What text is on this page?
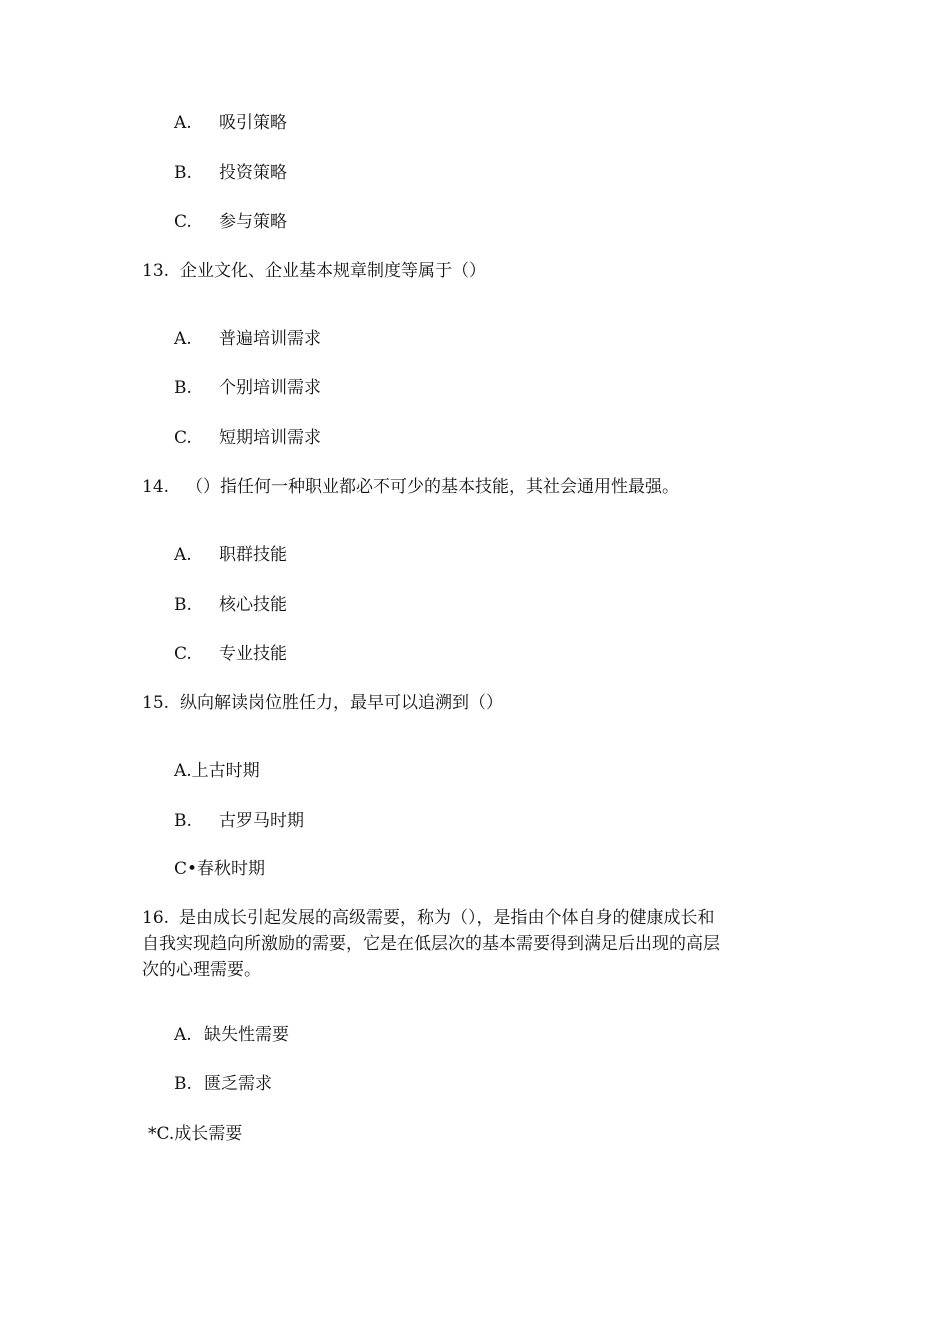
A. 吸引策略
B. 投资策略
C. 参与策略
13. 企业文化、企业基本规章制度等属于（）
A. 普遍培训需求
B. 个别培训需求
C. 短期培训需求
14. （）指任何一种职业都必不可少的基本技能，其社会通用性最强。
A. 职群技能
B. 核心技能
C. 专业技能
15. 纵向解读岗位胜任力，最早可以追溯到（）
A.上古时期
B. 古罗马时期
C•春秋时期
16. 是由成长引起发展的高级需要，称为（），是指由个体自身的健康成长和
自我实现趋向所激励的需要，它是在低层次的基本需要得到满足后出现的高层
次的心理需要。
A. 缺失性需要
B. 匮乏需求
*C.成长需要
